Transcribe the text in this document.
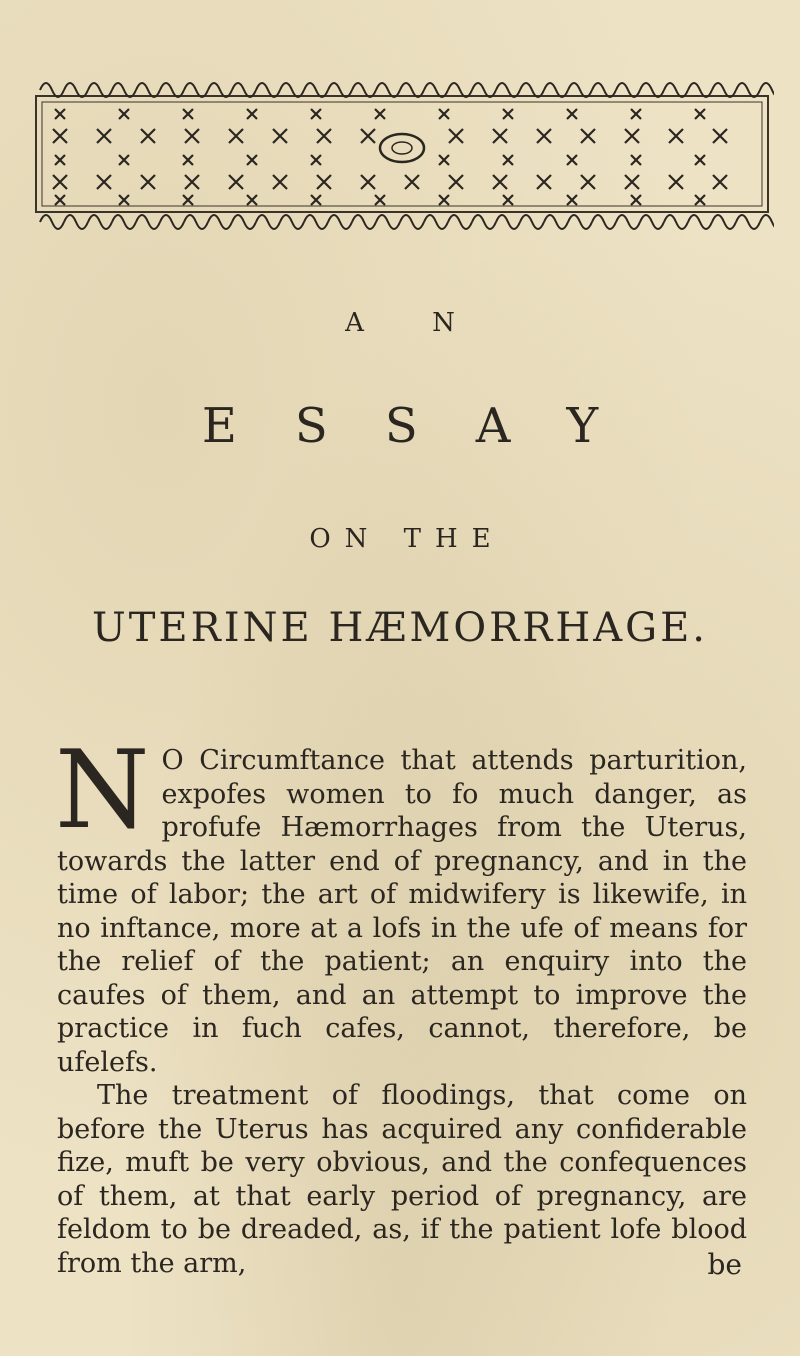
A N
ESSAY
ON THE
UTERINE HÆMORRHAGE.
N O Circumftance that attends parturition, expofes women to fo much danger, as profufe Hæmorrhages from the Uterus, towards the latter end of pregnancy, and in the time of labor; the art of midwifery is likewife, in no inftance, more at a lofs in the ufe of means for the relief of the patient; an enquiry into the caufes of them, and an attempt to improve the practice in fuch cafes, cannot, therefore, be ufelefs.
The treatment of floodings, that come on before the Uterus has acquired any confiderable fize, muft be very obvious, and the confequences of them, at that early period of pregnancy, are feldom to be dreaded, as, if the patient lofe blood from the arm,	be
